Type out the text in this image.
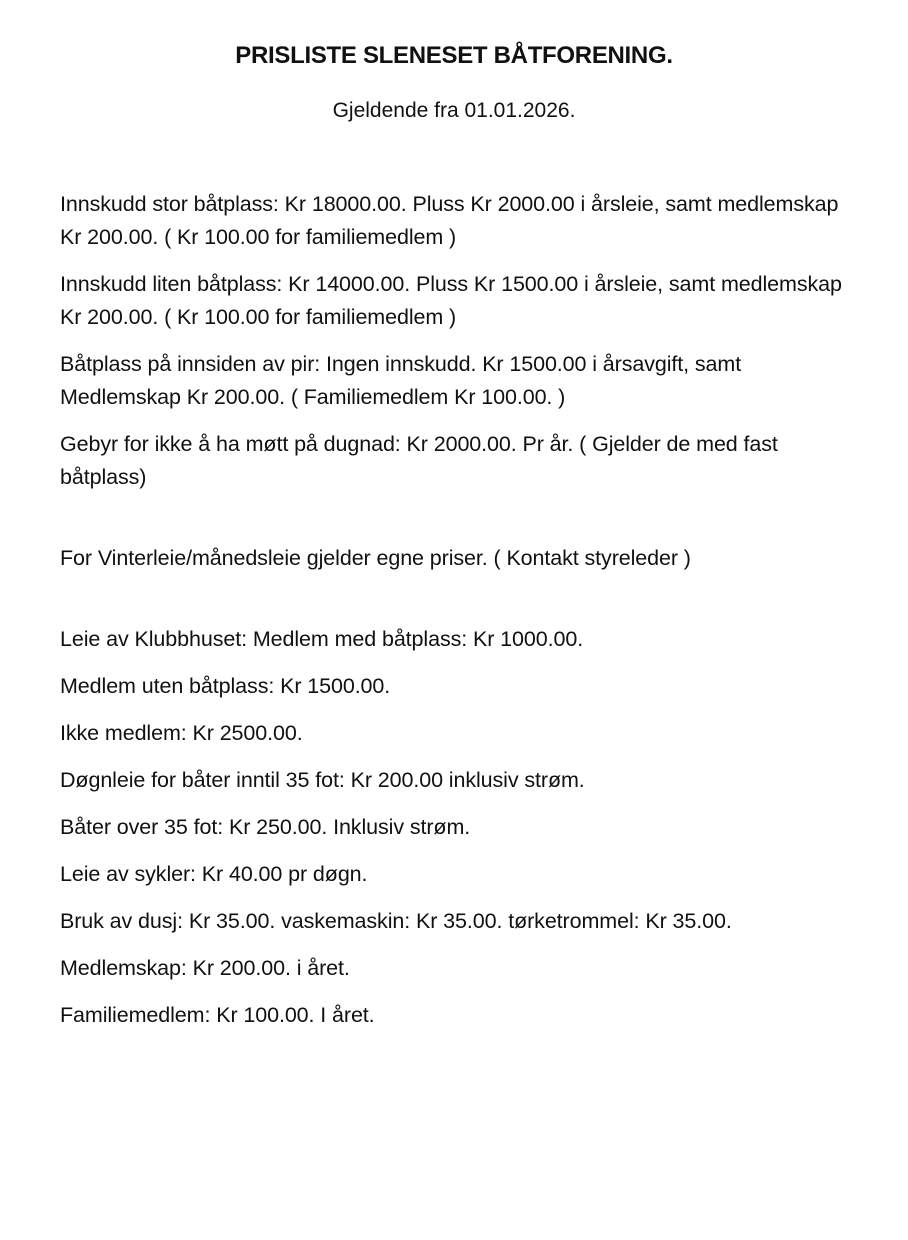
PRISLISTE SLENESET BÅTFORENING.

Gjeldende fra 01.01.2026.

Innskudd stor båtplass: Kr 18000.00. Pluss Kr 2000.00 i årsleie, samt medlemskap Kr 200.00. ( Kr 100.00 for familiemedlem )

Innskudd liten båtplass: Kr 14000.00. Pluss Kr 1500.00 i årsleie, samt medlemskap  Kr 200.00. ( Kr 100.00 for familiemedlem )

Båtplass på innsiden av pir: Ingen innskudd. Kr 1500.00 i årsavgift, samt Medlemskap Kr 200.00. ( Familiemedlem Kr 100.00. )

Gebyr for ikke å ha møtt på dugnad: Kr 2000.00. Pr år. ( Gjelder de med fast båtplass)

For Vinterleie/månedsleie gjelder egne priser. ( Kontakt styreleder )

Leie av Klubbhuset: Medlem med båtplass: Kr 1000.00.

Medlem uten båtplass: Kr 1500.00.

Ikke medlem: Kr 2500.00.

Døgnleie for båter inntil 35 fot: Kr 200.00 inklusiv strøm.

Båter over 35 fot: Kr 250.00. Inklusiv strøm.

Leie av sykler: Kr 40.00 pr døgn.

Bruk av dusj: Kr 35.00. vaskemaskin: Kr 35.00. tørketrommel: Kr 35.00.

Medlemskap: Kr 200.00. i året.

Familiemedlem: Kr 100.00. I året.
